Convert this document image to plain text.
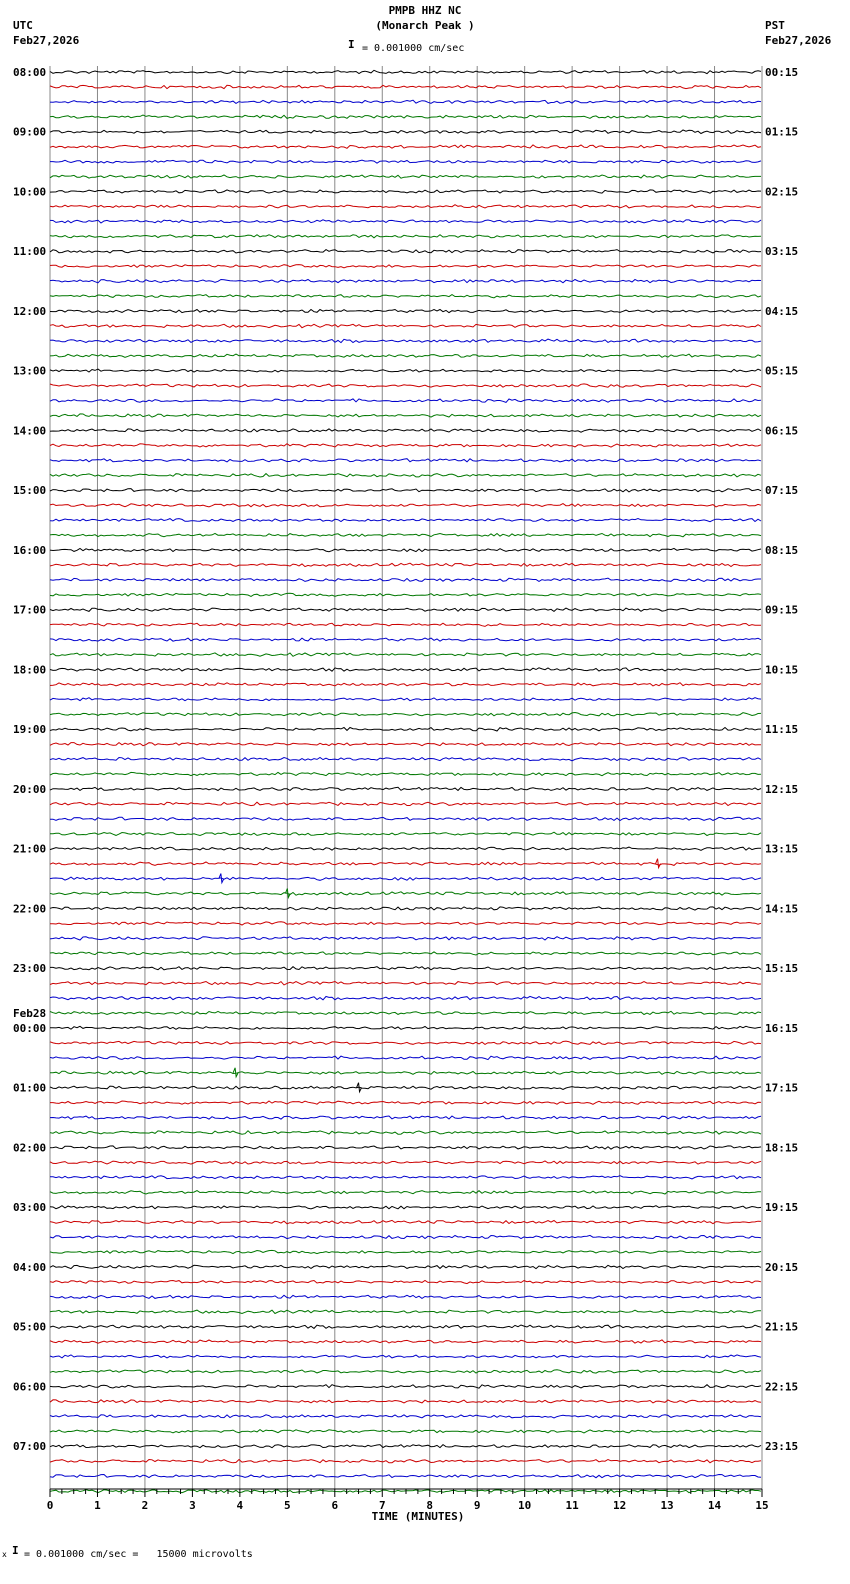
PMPB HHZ NC
(Monarch Peak )
I = 0.001000 cm/sec
UTC
Feb27,2026
PST
Feb27,2026
08:00
09:00
10:00
11:00
12:00
13:00
14:00
15:00
16:00
17:00
18:00
19:00
20:00
21:00
22:00
23:00
00:00
01:00
02:00
03:00
04:00
05:00
06:00
07:00
Feb28
00:15
01:15
02:15
03:15
04:15
05:15
06:15
07:15
08:15
09:15
10:15
11:15
12:15
13:15
14:15
15:15
16:15
17:15
18:15
19:15
20:15
21:15
22:15
23:15
0	1	2	3	4	5	6	7	8	9	10	11	12	13	14	15
TIME (MINUTES)
x I = 0.001000 cm/sec =   15000 microvolts
